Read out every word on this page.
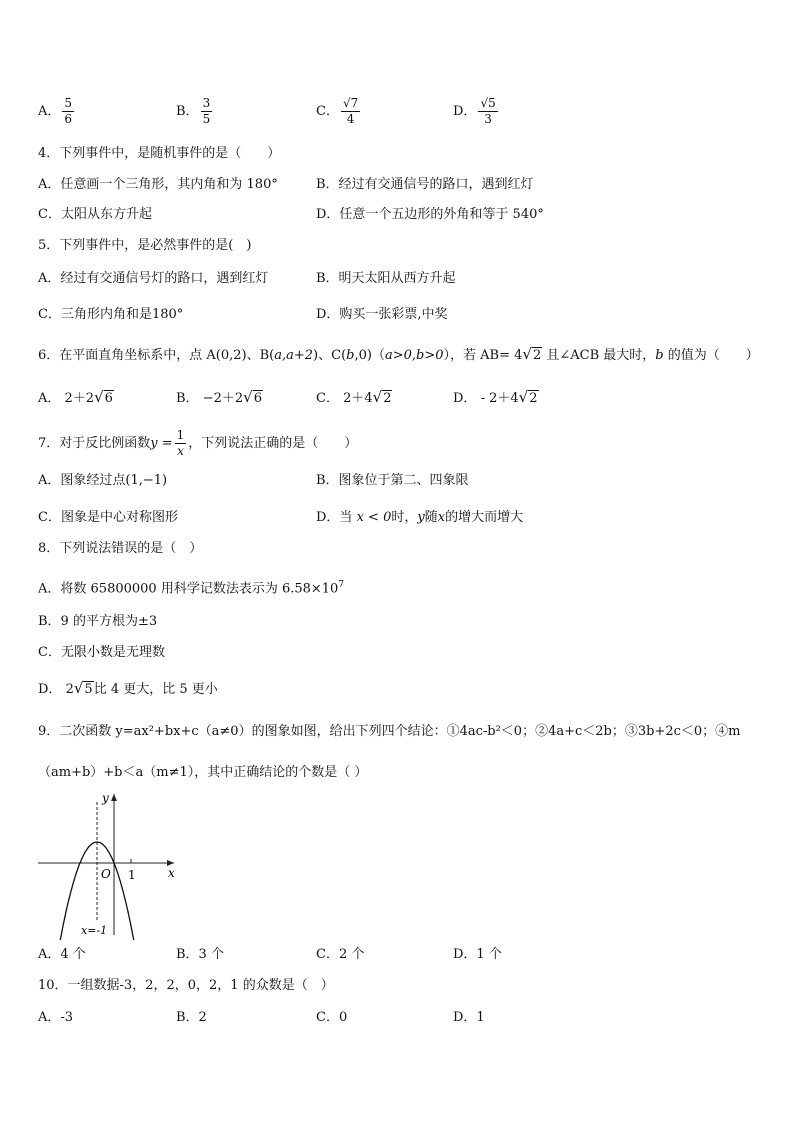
A． $\frac{5}{6}$	B． $\frac{3}{5}$	C． $\frac{√7}{4}$	D． $\frac{√5}{3}$
4．下列事件中，是随机事件的是（　　）
A．任意画一个三角形，其内角和为 180°	B．经过有交通信号的路口，遇到红灯
C．太阳从东方升起	D．任意一个五边形的外角和等于 540°
5．下列事件中，是必然事件的是(　)
A．经过有交通信号灯的路口，遇到红灯	B．明天太阳从西方升起
C．三角形内角和是180°	D．购买一张彩票,中奖
6．在平面直角坐标系中，点 A(0,2)、B(a,a+2)、C(b,0)（a>0,b>0），若 AB= 4 √ 2 且∠ACB 最大时，b 的值为（　　）
A． 2＋2 √ 6	B． −2＋2 √ 6	C． 2＋4 √ 2	D． - 2＋4 √ 2
7．对于反比例函数$y = \frac{1}{x}$ ，下列说法正确的是（　　）
A．图象经过点(1,−1)	B．图象位于第二、四象限
C．图象是中心对称图形	D．当 x < 0时，y随x的增大而增大
8．下列说法错误的是（　）
A．将数 65800000 用科学记数法表示为 $6.58\times 10^7$
B．9 的平方根为±3
C．无限小数是无理数
D． 2 √ 5 比 4 更大，比 5 更小
9．二次函数 y=ax²+bx+c（a≠0）的图象如图，给出下列四个结论：①4ac-b²＜0；②4a+c＜2b；③3b+2c＜0；④m
（am+b）+b＜a（m≠1），其中正确结论的个数是（ ）
x
y
O 1
x=-1
A．4 个	B．3 个	C．2 个	D．1 个
10．一组数据-3，2，2，0，2，1 的众数是（　）
A．-3	B．2	C．0	D．1
